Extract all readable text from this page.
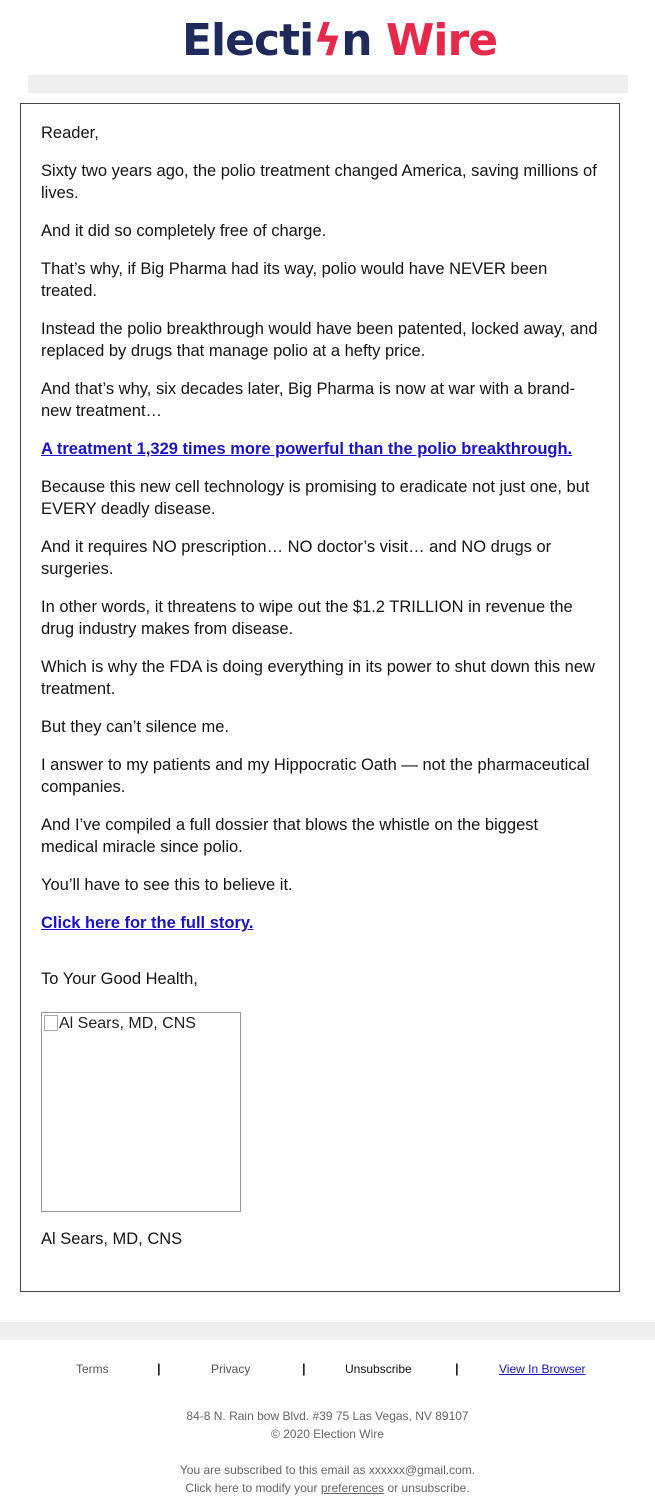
Electiϟn Wire

Reader,

Sixty two years ago, the polio treatment changed America, saving millions of lives.

And it did so completely free of charge.

That’s why, if Big Pharma had its way, polio would have NEVER been treated.

Instead the polio breakthrough would have been patented, locked away, and replaced by drugs that manage polio at a hefty price.

And that’s why, six decades later, Big Pharma is now at war with a brand-new treatment…

A treatment 1,329 times more powerful than the polio breakthrough.

Because this new cell technology is promising to eradicate not just one, but EVERY deadly disease.

And it requires NO prescription… NO doctor’s visit… and NO drugs or surgeries.

In other words, it threatens to wipe out the $1.2 TRILLION in revenue the drug industry makes from disease.

Which is why the FDA is doing everything in its power to shut down this new treatment.

But they can’t silence me.

I answer to my patients and my Hippocratic Oath — not the pharmaceutical companies.

And I’ve compiled a full dossier that blows the whistle on the biggest medical miracle since polio.

You’ll have to see this to believe it.

Click here for the full story.

To Your Good Health,

Al Sears, MD, CNS

Al Sears, MD, CNS

Terms	|	Privacy	|	Unsubscribe	|	View In Browser
84-8 N. Rain bow Blvd. #39 75 Las Vegas, NV 89107
© 2020 Election Wire
You are subscribed to this email as xxxxxx@gmail.com.
Click here to modify your preferences or unsubscribe.
